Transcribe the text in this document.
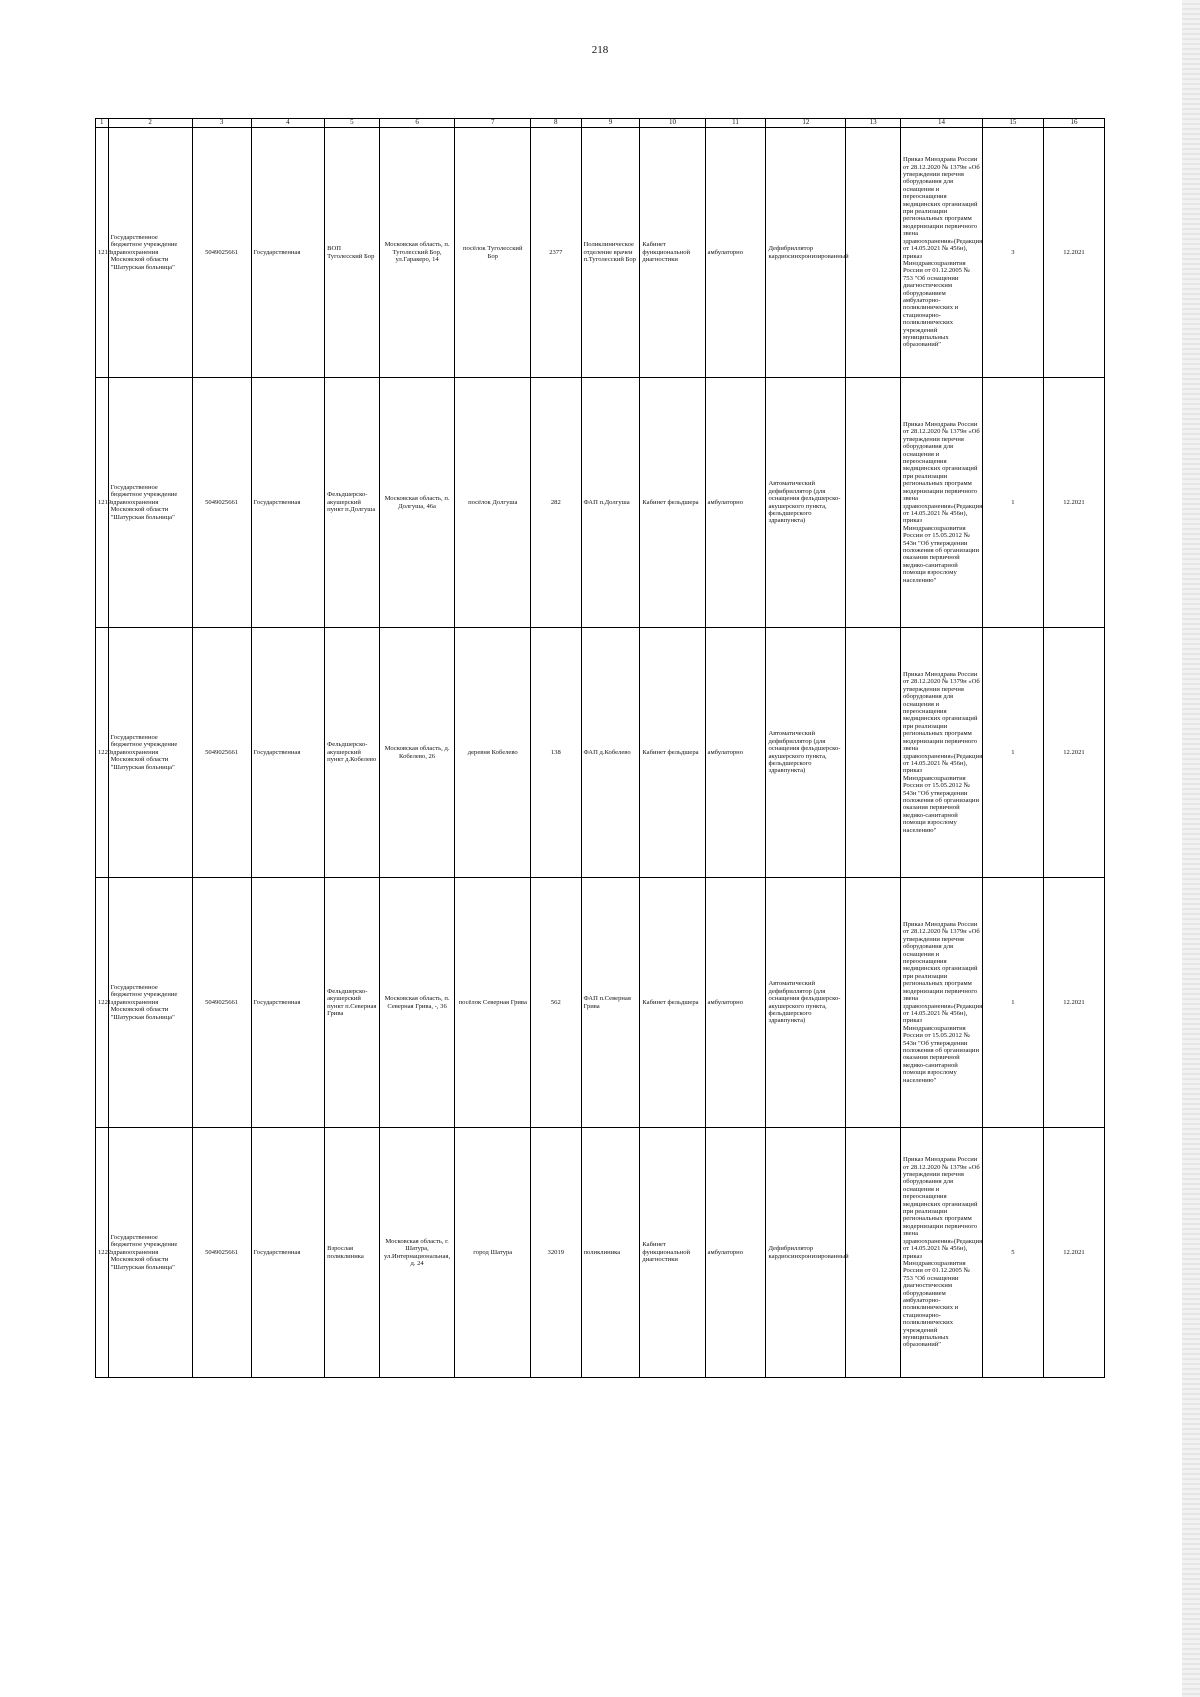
218
1	2	3	4	5	6	7	8	9	10	11	12	13	14	15	16
1218	Государственное бюджетное учреждение здравоохранения Московской области "Шатурская больница"	5049025661	Государственная	ВОП Туголесский Бор	Московская область, п. Туголесский Бор, ул.Гаракеро, 14	посёлок Туголесский Бор	2377	Поликлиническое отделение врачеи п.Туголесский Бор	Кабинет функциональной диагностики	амбулаторно	Дефибриллятор кардиосинхронизированный		Приказ Минздрава России от 28.12.2020 № 1379н «Об утверждении перечня оборудования для оснащения и переоснащения медицинских организаций при реализации региональных программ модернизации первичного звена здравоохранения»(Редакция от 14.05.2021 № 456н), приказ Минздравсоцразвития России от 01.12.2005 № 753 "Об оснащении диагностическим оборудованием амбулаторно-поликлинических и стационарно-поликлинических учреждений муниципальных образований"	3	12.2021
1219	Государственное бюджетное учреждение здравоохранения Московской области "Шатурская больница"	5049025661	Государственная	Фельдшерско-акушерский пункт п.Долгуша	Московская область, п. Долгуша, 46а	посёлок Долгуша	282	ФАП п.Долгуша	Кабинет фельдшера	амбулаторно	Автоматический дефибриллятор (для оснащения фельдшерско-акушерского пункта, фельдшерского здравпункта)		Приказ Минздрава России от 28.12.2020 № 1379н «Об утверждении перечня оборудования для оснащения и переоснащения медицинских организаций при реализации региональных программ модернизации первичного звена здравоохранения»(Редакция от 14.05.2021 № 456н), приказ Минздравсоцразвития России от 15.05.2012 № 543н "Об утверждении положения об организации оказания первичной медико-санитарной помощи взрослому населению"	1	12.2021
1220	Государственное бюджетное учреждение здравоохранения Московской области "Шатурская больница"	5049025661	Государственная	Фельдшерско-акушерский пункт д.Кобелево	Московская область, д. Кобелево, 26	деревня Кобелево	138	ФАП д.Кобелево	Кабинет фельдшера	амбулаторно	Автоматический дефибриллятор (для оснащения фельдшерско-акушерского пункта, фельдшерского здравпункта)		Приказ Минздрава России от 28.12.2020 № 1379н «Об утверждении перечня оборудования для оснащения и переоснащения медицинских организаций при реализации региональных программ модернизации первичного звена здравоохранения»(Редакция от 14.05.2021 № 456н), приказ Минздравсоцразвития России от 15.05.2012 № 543н "Об утверждении положения об организации оказания первичной медико-санитарной помощи взрослому населению"	1	12.2021
1221	Государственное бюджетное учреждение здравоохранения Московской области "Шатурская больница"	5049025661	Государственная	Фельдшерско-акушерский пункт п.Северная Грива	Московская область, п. Северная Грива, -, 36	посёлок Северная Грива	562	ФАП п.Северная Грива	Кабинет фельдшера	амбулаторно	Автоматический дефибриллятор (для оснащения фельдшерско-акушерского пункта, фельдшерского здравпункта)		Приказ Минздрава России от 28.12.2020 № 1379н «Об утверждении перечня оборудования для оснащения и переоснащения медицинских организаций при реализации региональных программ модернизации первичного звена здравоохранения»(Редакция от 14.05.2021 № 456н), приказ Минздравсоцразвития России от 15.05.2012 № 543н "Об утверждении положения об организации оказания первичной медико-санитарной помощи взрослому населению"	1	12.2021
1222	Государственное бюджетное учреждение здравоохранения Московской области "Шатурская больница"	5049025661	Государственная	Взрослая поликлиника	Московская область, г. Шатура, ул.Интернациональная, д. 24	город Шатура	32019	поликлиника	Кабинет функциональной диагностики	амбулаторно	Дефибриллятор кардиосинхронизированный		Приказ Минздрава России от 28.12.2020 № 1379н «Об утверждении перечня оборудования для оснащения и переоснащения медицинских организаций при реализации региональных программ модернизации первичного звена здравоохранения»(Редакция от 14.05.2021 № 456н), приказ Минздравсоцразвития России от 01.12.2005 № 753 "Об оснащении диагностическим оборудованием амбулаторно-поликлинических и стационарно-поликлинических учреждений муниципальных образований"	5	12.2021
